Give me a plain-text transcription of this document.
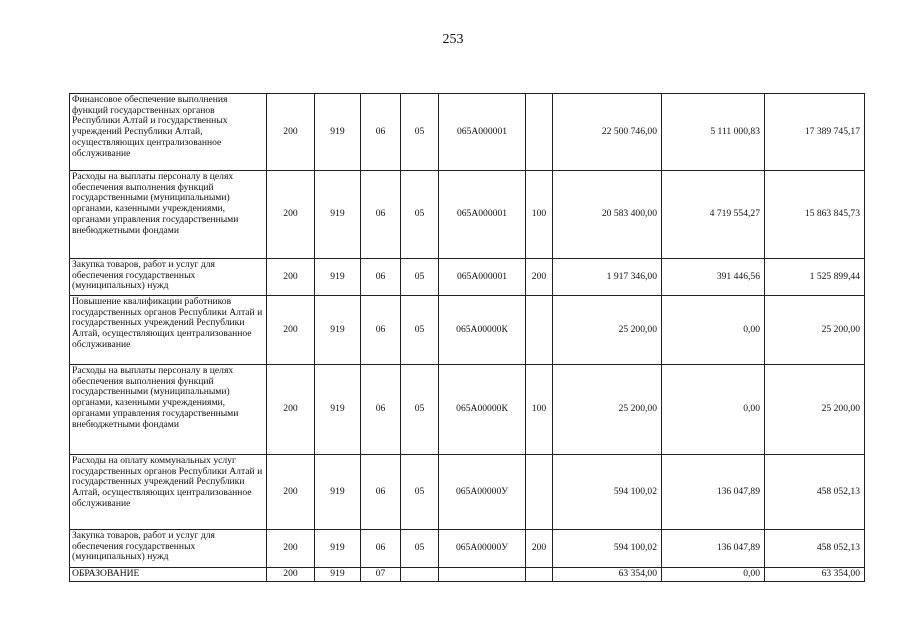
253
Финансовое обеспечение выполнения функций государственных органов Республики Алтай и государственных учреждений Республики Алтай, осуществляющих централизованное обслуживание	200	919	06	05	065А000001		22 500 746,00	5 111 000,83	17 389 745,17
Расходы на выплаты персоналу в целях обеспечения выполнения функций государственными (муниципальными) органами, казенными учреждениями, органами управления государственными внебюджетными фондами	200	919	06	05	065А000001	100	20 583 400,00	4 719 554,27	15 863 845,73
Закупка товаров, работ и услуг для обеспечения государственных (муниципальных) нужд	200	919	06	05	065А000001	200	1 917 346,00	391 446,56	1 525 899,44
Повышение квалификации работников государственных органов Республики Алтай и государственных учреждений Республики Алтай, осуществляющих централизованное обслуживание	200	919	06	05	065А00000К		25 200,00	0,00	25 200,00
Расходы на выплаты персоналу в целях обеспечения выполнения функций государственными (муниципальными) органами, казенными учреждениями, органами управления государственными внебюджетными фондами	200	919	06	05	065А00000К	100	25 200,00	0,00	25 200,00
Расходы на оплату коммунальных услуг государственных органов Республики Алтай и государственных учреждений Республики Алтай, осуществляющих централизованное обслуживание	200	919	06	05	065А00000У		594 100,02	136 047,89	458 052,13
Закупка товаров, работ и услуг для обеспечения государственных (муниципальных) нужд	200	919	06	05	065А00000У	200	594 100,02	136 047,89	458 052,13
ОБРАЗОВАНИЕ	200	919	07				63 354,00	0,00	63 354,00
